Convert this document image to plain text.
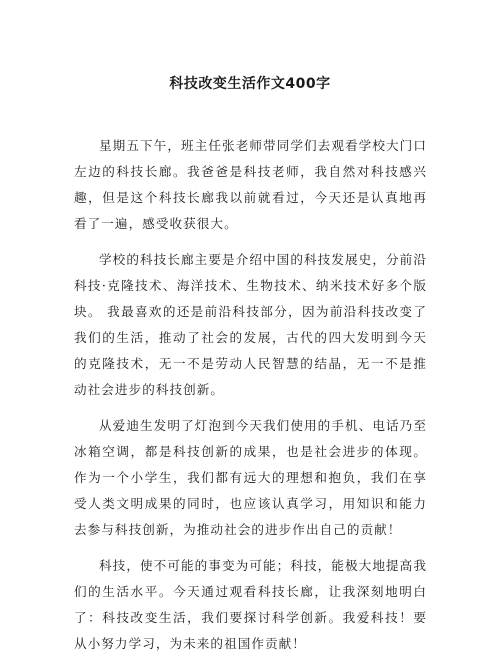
科技改变生活作文400字

星期五下午，班主任张老师带同学们去观看学校大门口左边的科技长廊。我爸爸是科技老师，我自然对科技感兴趣，但是这个科技长廊我以前就看过，今天还是认真地再看了一遍，感受收获很大。

学校的科技长廊主要是介绍中国的科技发展史，分前沿科技·克隆技术、海洋技术、生物技术、纳米技术好多个版块。 我最喜欢的还是前沿科技部分，因为前沿科技改变了我们的生活，推动了社会的发展，古代的四大发明到今天的克隆技术，无一不是劳动人民智慧的结晶，无一不是推动社会进步的科技创新。

从爱迪生发明了灯泡到今天我们使用的手机、电话乃至冰箱空调，都是科技创新的成果，也是社会进步的体现。作为一个小学生，我们都有远大的理想和抱负，我们在享受人类文明成果的同时，也应该认真学习，用知识和能力去参与科技创新，为推动社会的进步作出自己的贡献！

科技，使不可能的事变为可能；科技，能极大地提高我们的生活水平。今天通过观看科技长廊，让我深刻地明白了：科技改变生活，我们要探讨科学创新。我爱科技！要从小努力学习，为未来的祖国作贡献！
